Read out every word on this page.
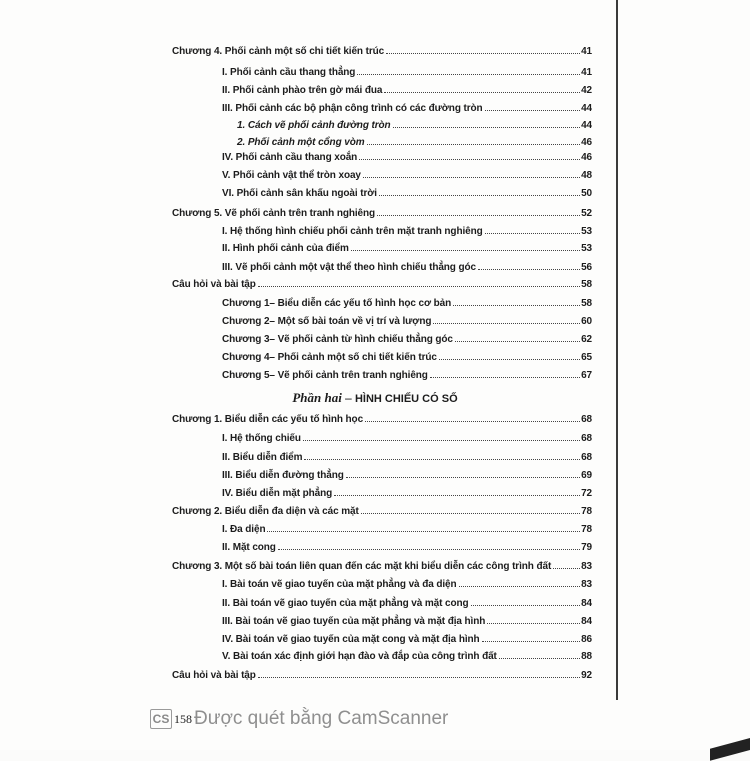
Chương 4. Phối cảnh một số chi tiết kiến trúc	41
I. Phối cảnh cầu thang thẳng	41
II. Phối cảnh phào trên gờ mái đua	42
III. Phối cảnh các bộ phận công trình có các đường tròn	44
1. Cách vẽ phối cảnh đường tròn	44
2. Phối cảnh một cổng vòm	46
IV. Phối cảnh cầu thang xoắn	46
V. Phối cảnh vật thể tròn xoay	48
VI. Phối cảnh sân khấu ngoài trời	50
Chương 5. Vẽ phối cảnh trên tranh nghiêng	52
I. Hệ thống hình chiếu phối cảnh trên mặt tranh nghiêng	53
II. Hình phối cảnh của điểm	53
III. Vẽ phối cảnh một vật thể theo hình chiếu thẳng góc	56
Câu hỏi và bài tập	58
Chương 1– Biểu diễn các yếu tố hình học cơ bản	58
Chương 2– Một số bài toán về vị trí và lượng	60
Chương 3– Vẽ phối cảnh từ hình chiếu thẳng góc	62
Chương 4– Phối cảnh một số chi tiết kiến trúc	65
Chương 5– Vẽ phối cảnh trên tranh nghiêng	67
Chương 1. Biểu diễn các yếu tố hình học	68
I. Hệ thống chiếu	68
II. Biểu diễn điểm	68
III. Biểu diễn đường thẳng	69
IV. Biểu diễn mặt phẳng	72
Chương 2. Biểu diễn đa diện và các mặt	78
I. Đa diện	78
II. Mặt cong	79
Chương 3. Một số bài toán liên quan đến các mặt khi biểu diễn các công trình đất	83
I. Bài toán vẽ giao tuyến của mặt phẳng và đa diện	83
II. Bài toán vẽ giao tuyến của mặt phẳng và mặt cong	84
III. Bài toán vẽ giao tuyến của mặt phẳng và mặt địa hình	84
IV. Bài toán vẽ giao tuyến của mặt cong và mặt địa hình	86
V. Bài toán xác định giới hạn đào và đắp của công trình đất	88
Câu hỏi và bài tập	92
Phần hai – HÌNH CHIẾU CÓ SỐ
CS 158 Được quét bằng CamScanner
